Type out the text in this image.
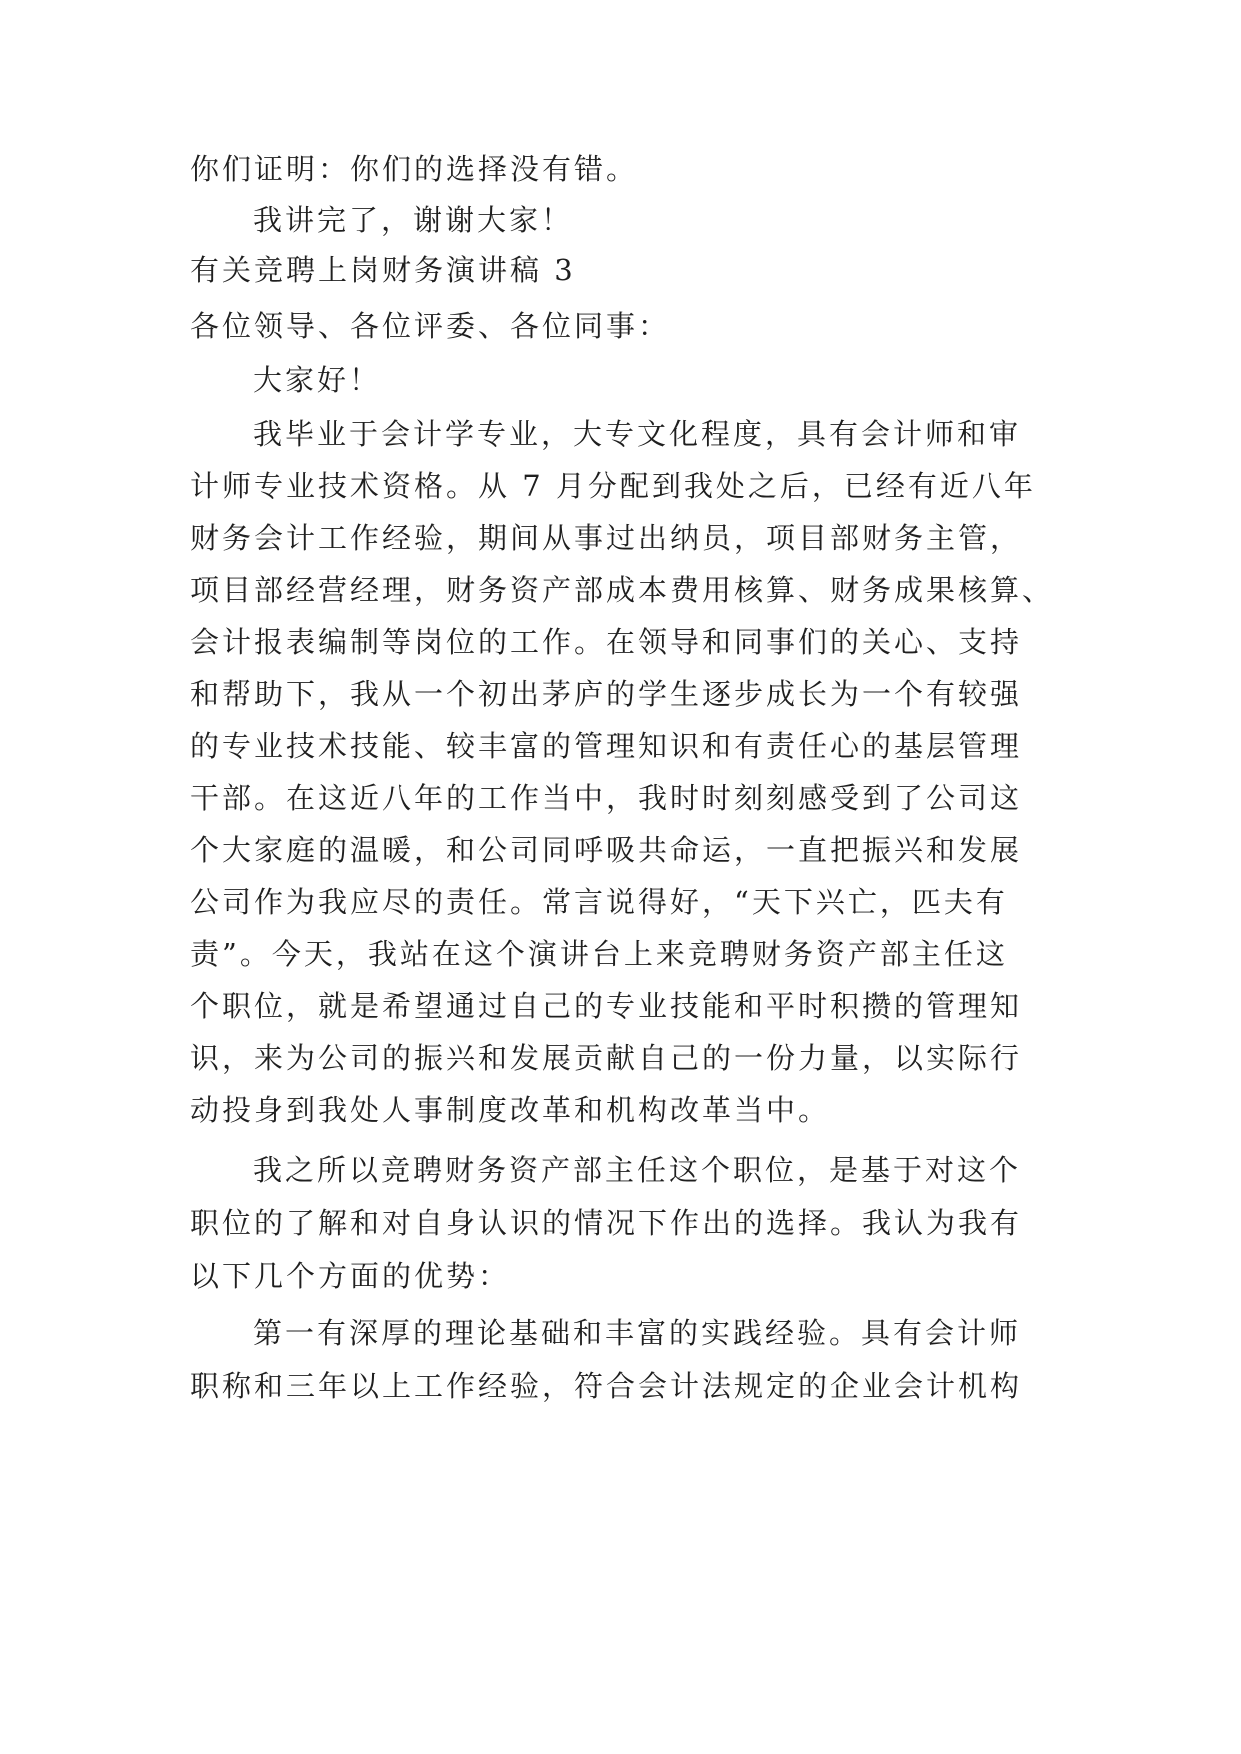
你们证明：你们的选择没有错。
我讲完了，谢谢大家！
有关竞聘上岗财务演讲稿 3
各位领导、各位评委、各位同事：
大家好！
我毕业于会计学专业，大专文化程度，具有会计师和审
计师专业技术资格。从 7 月分配到我处之后，已经有近八年
财务会计工作经验，期间从事过出纳员，项目部财务主管，
项目部经营经理，财务资产部成本费用核算、财务成果核算、
会计报表编制等岗位的工作。在领导和同事们的关心、支持
和帮助下，我从一个初出茅庐的学生逐步成长为一个有较强
的专业技术技能、较丰富的管理知识和有责任心的基层管理
干部。在这近八年的工作当中，我时时刻刻感受到了公司这
个大家庭的温暖，和公司同呼吸共命运，一直把振兴和发展
公司作为我应尽的责任。常言说得好，“天下兴亡，匹夫有
责”。今天，我站在这个演讲台上来竞聘财务资产部主任这
个职位，就是希望通过自己的专业技能和平时积攒的管理知
识，来为公司的振兴和发展贡献自己的一份力量，以实际行
动投身到我处人事制度改革和机构改革当中。
我之所以竞聘财务资产部主任这个职位，是基于对这个
职位的了解和对自身认识的情况下作出的选择。我认为我有
以下几个方面的优势：
第一有深厚的理论基础和丰富的实践经验。具有会计师
职称和三年以上工作经验，符合会计法规定的企业会计机构
